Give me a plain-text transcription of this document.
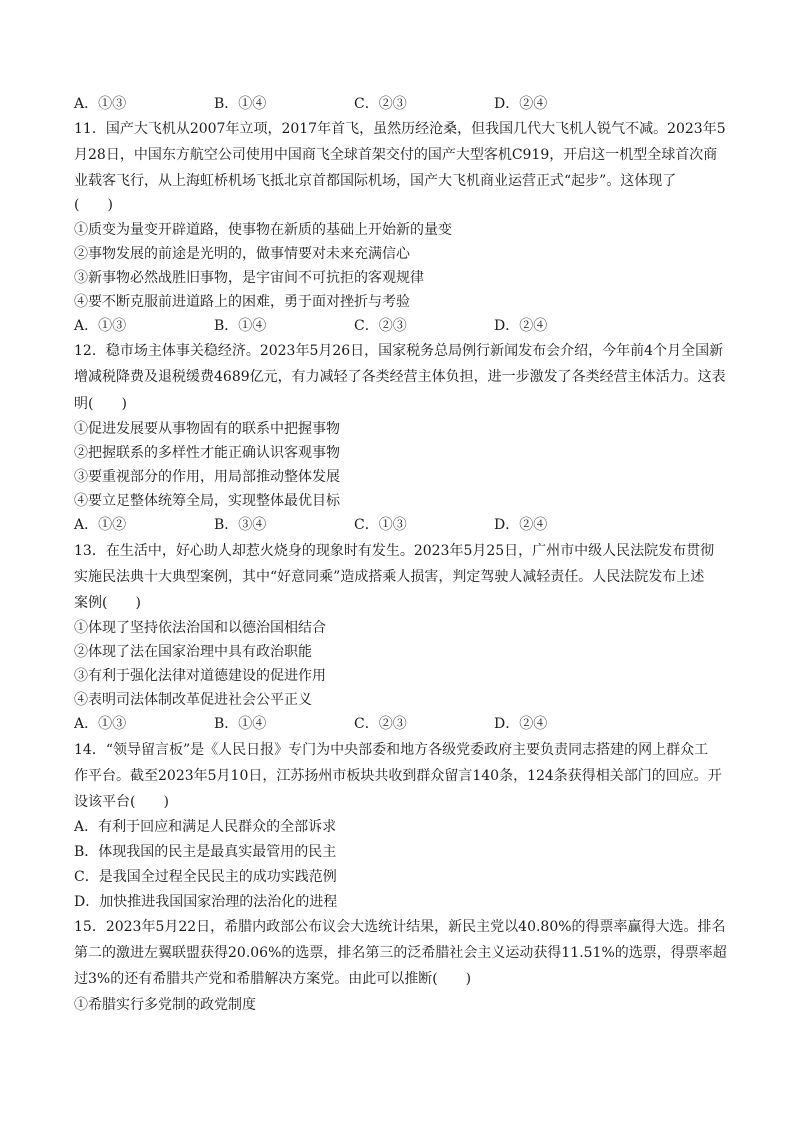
A．①③	B．①④	C．②③	D．②④
11．国产大飞机从2007年立项，2017年首飞，虽然历经沧桑，但我国几代大飞机人锐气不减。2023年5
月28日，中国东方航空公司使用中国商飞全球首架交付的国产大型客机C919，开启这一机型全球首次商
业载客飞行，从上海虹桥机场飞抵北京首都国际机场，国产大飞机商业运营正式“起步”。这体现了
(　　)
①质变为量变开辟道路，使事物在新质的基础上开始新的量变
②事物发展的前途是光明的，做事情要对未来充满信心
③新事物必然战胜旧事物，是宇宙间不可抗拒的客观规律
④要不断克服前进道路上的困难，勇于面对挫折与考验
A．①③	B．①④	C．②③	D．②④
12．稳市场主体事关稳经济。2023年5月26日，国家税务总局例行新闻发布会介绍，今年前4个月全国新
增减税降费及退税缓费4689亿元，有力减轻了各类经营主体负担，进一步激发了各类经营主体活力。这表
明(　　)
①促进发展要从事物固有的联系中把握事物
②把握联系的多样性才能正确认识客观事物
③要重视部分的作用，用局部推动整体发展
④要立足整体统筹全局，实现整体最优目标
A．①②	B．③④	C．①③	D．②④
13．在生活中，好心助人却惹火烧身的现象时有发生。2023年5月25日，广州市中级人民法院发布贯彻
实施民法典十大典型案例，其中“好意同乘”造成搭乘人损害，判定驾驶人减轻责任。人民法院发布上述
案例(　　)
①体现了坚持依法治国和以德治国相结合
②体现了法在国家治理中具有政治职能
③有利于强化法律对道德建设的促进作用
④表明司法体制改革促进社会公平正义
A．①③	B．①④	C．②③	D．②④
14．“领导留言板”是《人民日报》专门为中央部委和地方各级党委政府主要负责同志搭建的网上群众工
作平台。截至2023年5月10日，江苏扬州市板块共收到群众留言140条，124条获得相关部门的回应。开
设该平台(　　)
A．有利于回应和满足人民群众的全部诉求
B．体现我国的民主是最真实最管用的民主
C．是我国全过程全民民主的成功实践范例
D．加快推进我国国家治理的法治化的进程
15．2023年5月22日，希腊内政部公布议会大选统计结果，新民主党以40.80%的得票率赢得大选。排名
第二的激进左翼联盟获得20.06%的选票，排名第三的泛希腊社会主义运动获得11.51%的选票，得票率超
过3%的还有希腊共产党和希腊解决方案党。由此可以推断(　　)
①希腊实行多党制的政党制度
